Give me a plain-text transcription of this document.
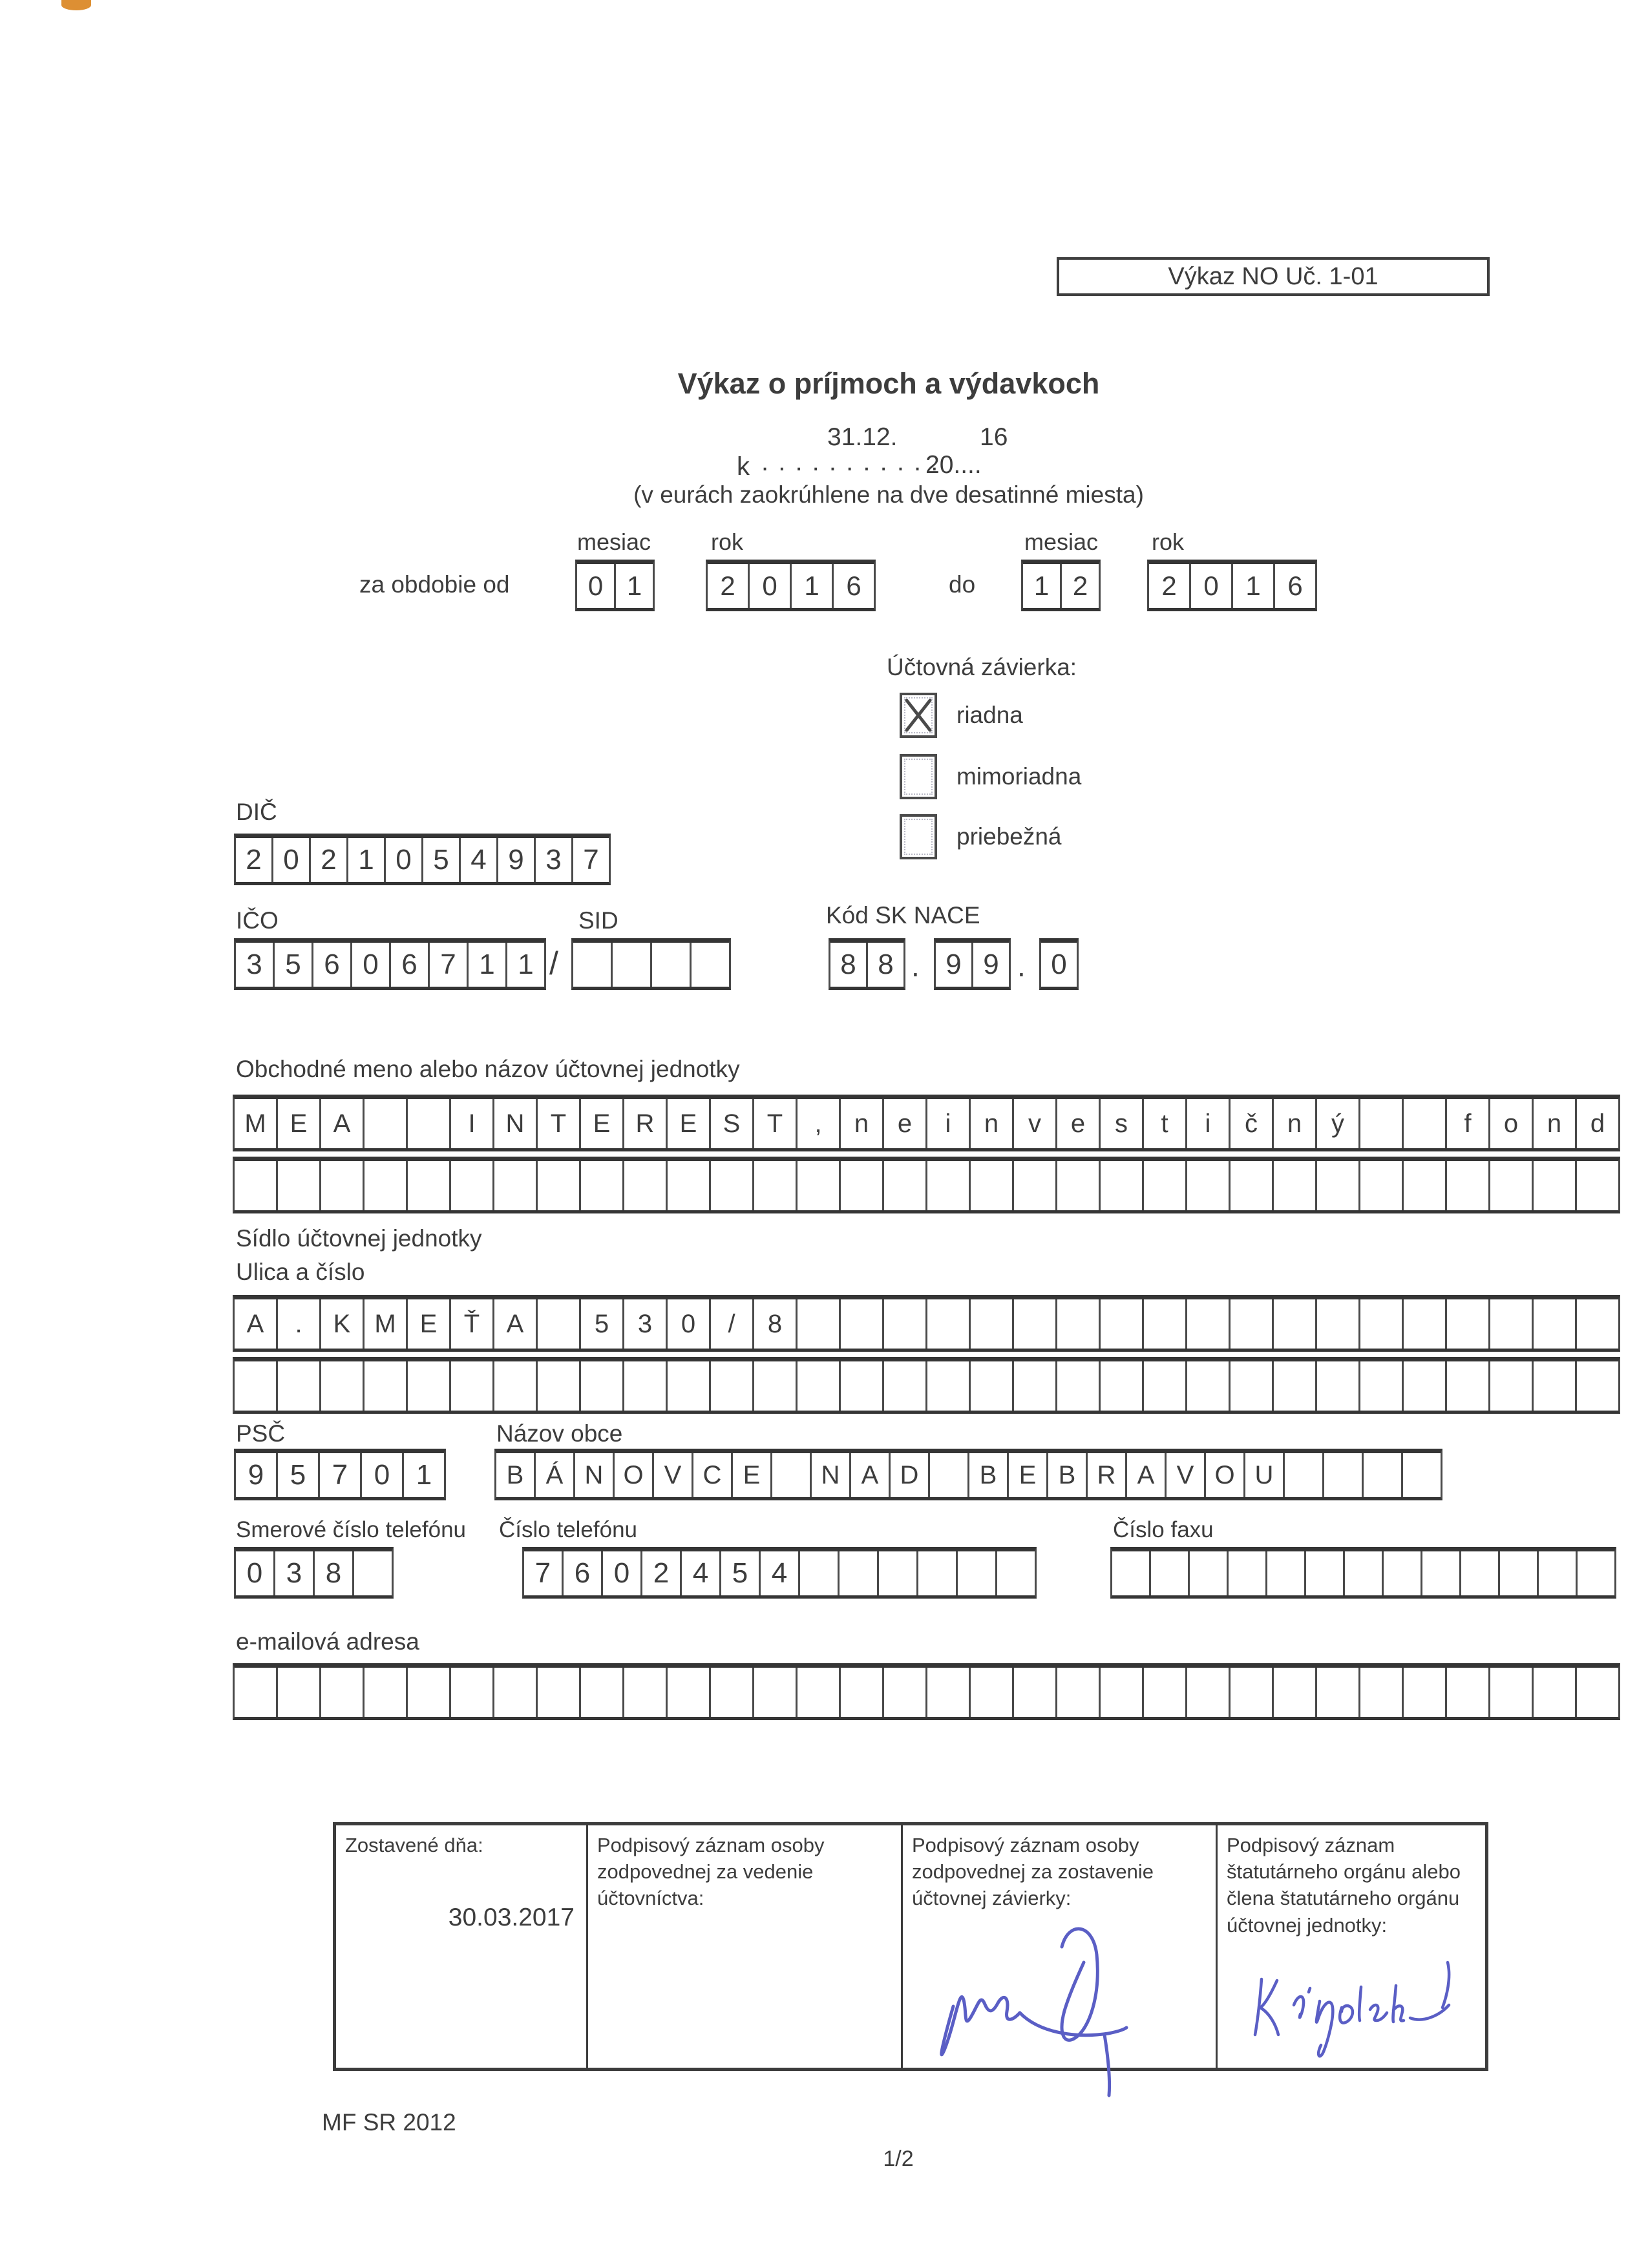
Výkaz NO Uč. 1-01
Výkaz o príjmoch a výdavkoch
k . . . . . . . . . . .
31.12.
20....
16
(v eurách zaokrúhlene na dve desatinné miesta)
mesiac	rok	mesiac rok
za obdobie od	0 1	2 0 1 6	do	1 2	2 0 1 6
Účtovná závierka:
riadna
mimoriadna
priebežná
DIČ
2 0 2 1 0 5 4 9 3 7
IČO
3 5 6 0 6 7 1 1 /
SID	Kód SK NACE
8 8 . 9 9 . 0
Obchodné meno alebo názov účtovnej jednotky
M E	A	I	N	T	E R E	S	T	,	n	e	i	n	v	e	s	t	i	č	n	ý	f	o	n	d
Sídlo účtovnej jednotky
Ulica a číslo
A	.	K M E	Ť	A	5	3	0	/	8
PSČ
9 5 7 0 1
Názov obce
B Á N O V C E	N A D	B E B R A V O U
Smerové číslo telefónu Číslo telefónu	Číslo faxu
0 3 8	7 6 0 2 4 5 4
e-mailová adresa
Zostavené dňa:
30.03.2017
Podpisový záznam osoby zodpovednej za vedenie účtovníctva:
Podpisový záznam osoby zodpovednej za zostavenie účtovnej závierky:
Podpisový záznam štatutárneho orgánu alebo člena štatutárneho orgánu účtovnej jednotky:
MF SR 2012
1/2
